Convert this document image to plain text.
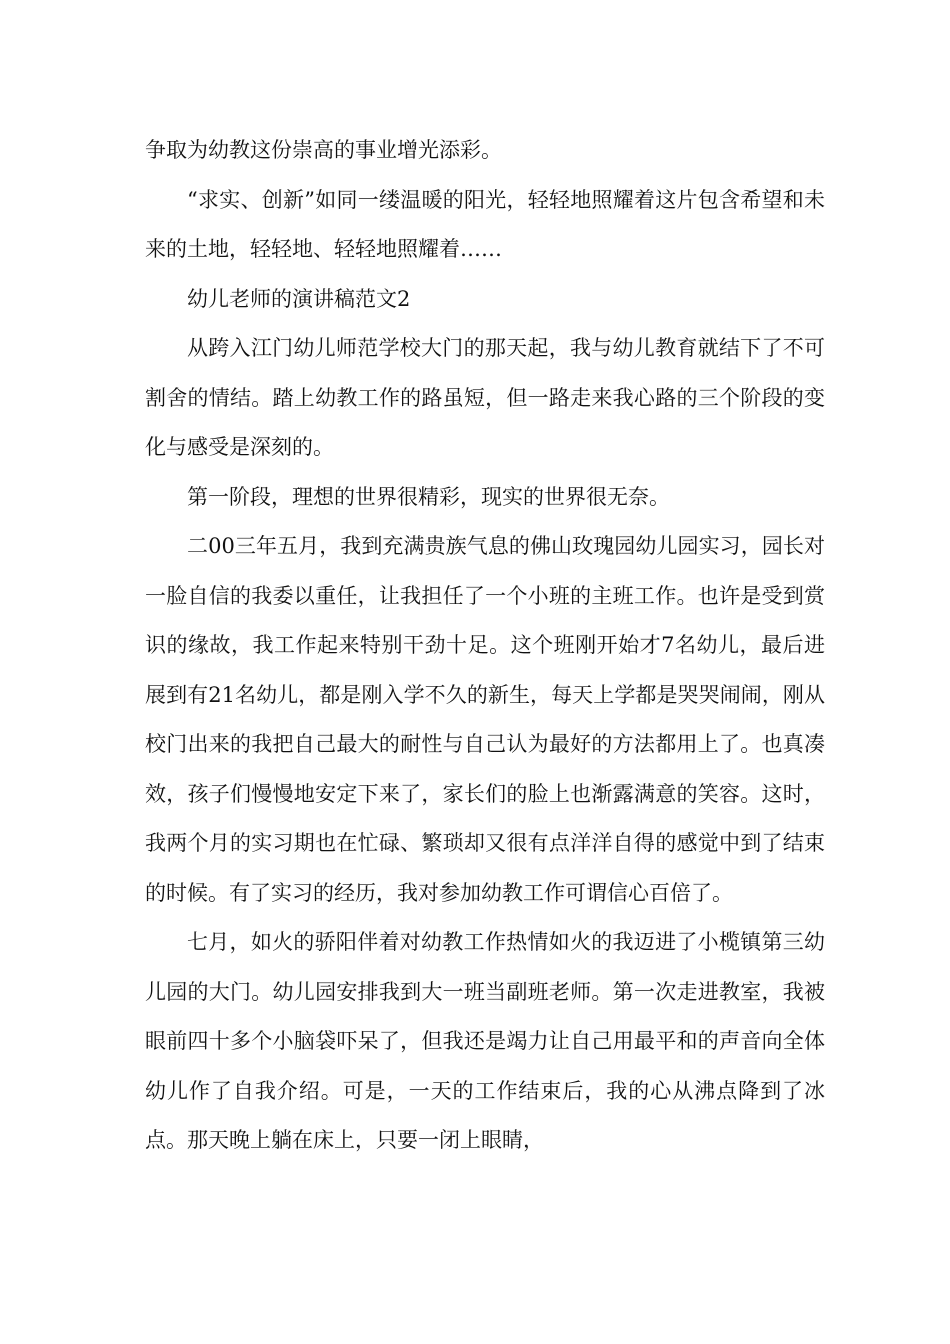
争取为幼教这份崇高的事业增光添彩。

“求实、创新”如同一缕温暖的阳光，轻轻地照耀着这片包含希望和未来的土地，轻轻地、轻轻地照耀着……

幼儿老师的演讲稿范文2

从跨入江门幼儿师范学校大门的那天起，我与幼儿教育就结下了不可割舍的情结。踏上幼教工作的路虽短，但一路走来我心路的三个阶段的变化与感受是深刻的。

第一阶段，理想的世界很精彩，现实的世界很无奈。

二00三年五月，我到充满贵族气息的佛山玫瑰园幼儿园实习，园长对一脸自信的我委以重任，让我担任了一个小班的主班工作。也许是受到赏识的缘故，我工作起来特别干劲十足。这个班刚开始才7名幼儿，最后进展到有21名幼儿，都是刚入学不久的新生，每天上学都是哭哭闹闹，刚从校门出来的我把自己最大的耐性与自己认为最好的方法都用上了。也真凑效，孩子们慢慢地安定下来了，家长们的脸上也渐露满意的笑容。这时，我两个月的实习期也在忙碌、繁琐却又很有点洋洋自得的感觉中到了结束的时候。有了实习的经历，我对参加幼教工作可谓信心百倍了。

七月，如火的骄阳伴着对幼教工作热情如火的我迈进了小榄镇第三幼儿园的大门。幼儿园安排我到大一班当副班老师。第一次走进教室，我被眼前四十多个小脑袋吓呆了，但我还是竭力让自己用最平和的声音向全体幼儿作了自我介绍。可是，一天的工作结束后，我的心从沸点降到了冰点。那天晚上躺在床上，只要一闭上眼睛，
